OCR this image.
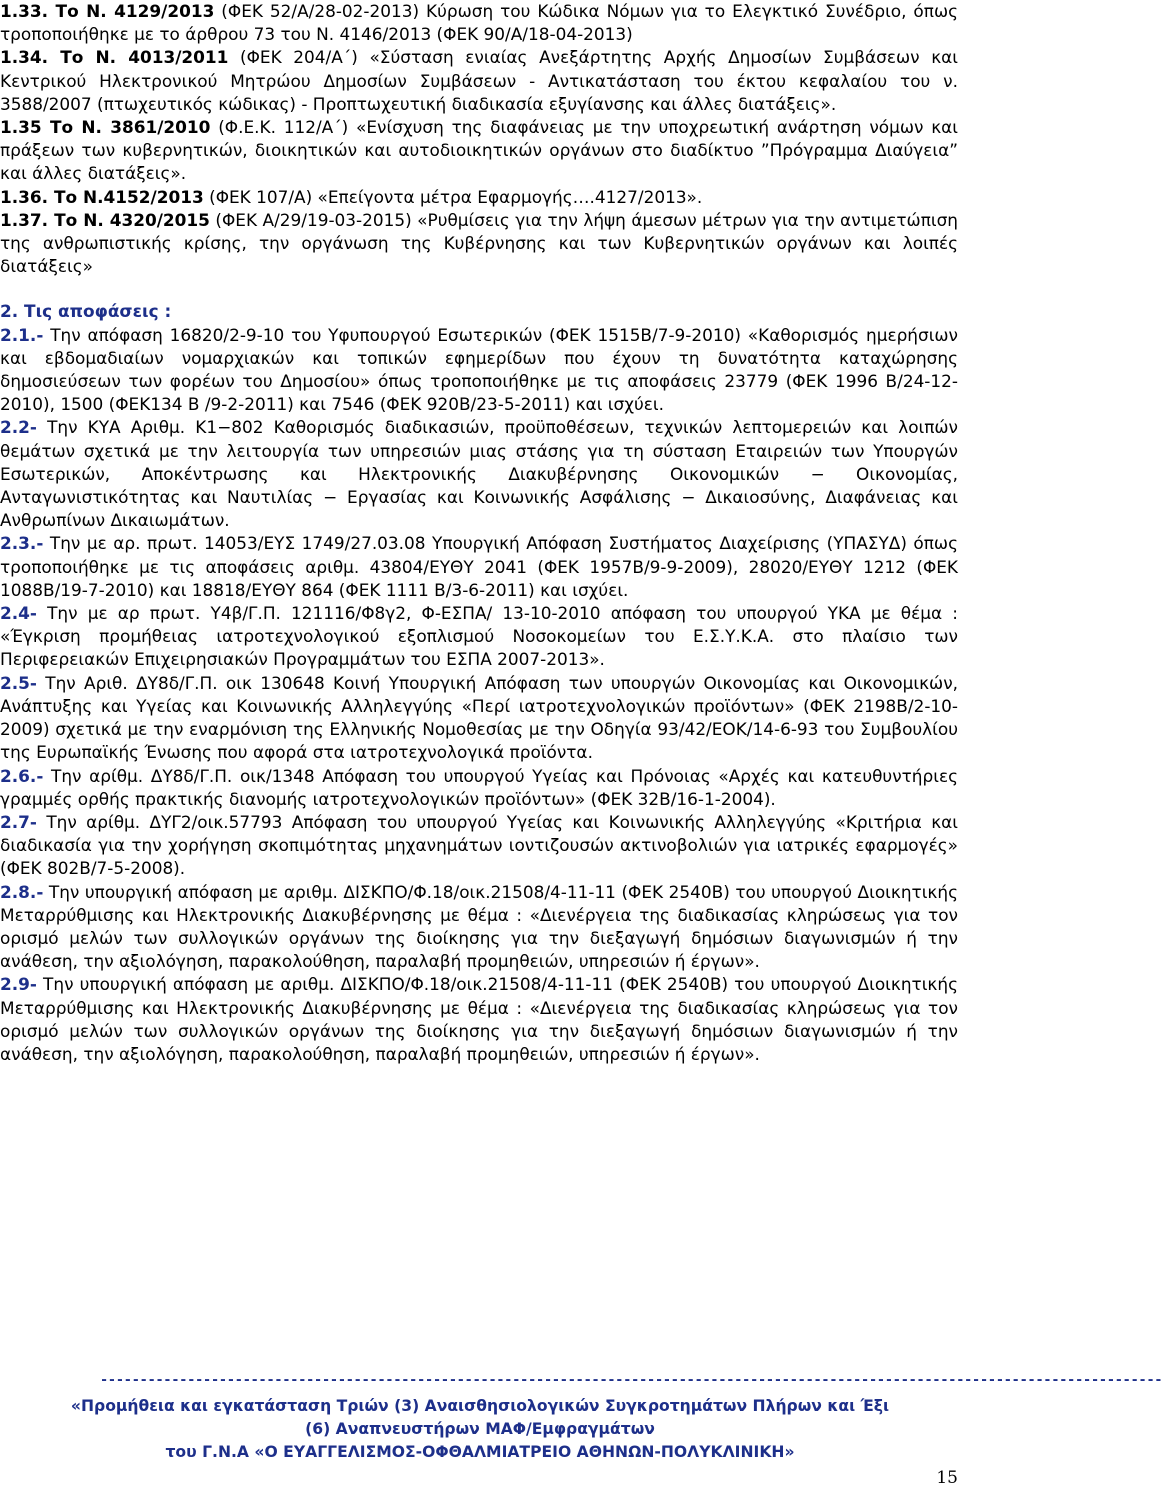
1.33. Το Ν. 4129/2013 (ΦΕΚ 52/Α/28-02-2013) Κύρωση του Κώδικα Νόμων για το Ελεγκτικό Συνέδριο, όπως τροποποιήθηκε με το άρθρου 73 του Ν. 4146/2013 (ΦΕΚ 90/Α/18-04-2013)

1.34. Το Ν. 4013/2011 (ΦΕΚ 204/Α΄) «Σύσταση ενιαίας Ανεξάρτητης Αρχής Δημοσίων Συμβάσεων και Κεντρικού Ηλεκτρονικού Μητρώου Δημοσίων Συμβάσεων - Αντικατάσταση του έκτου κεφαλαίου του ν. 3588/2007 (πτωχευτικός κώδικας) - Προπτωχευτική διαδικασία εξυγίανσης και άλλες διατάξεις».

1.35 Το Ν. 3861/2010 (Φ.Ε.Κ. 112/Α΄) «Ενίσχυση της διαφάνειας με την υποχρεωτική ανάρτηση νόμων και πράξεων των κυβερνητικών, διοικητικών και αυτοδιοικητικών οργάνων στο διαδίκτυο ”Πρόγραμμα Διαύγεια” και άλλες διατάξεις».

1.36. Το Ν.4152/2013 (ΦΕΚ 107/Α) «Επείγοντα μέτρα Εφαρμογής….4127/2013».

1.37. Το Ν. 4320/2015 (ΦΕΚ Α/29/19-03-2015) «Ρυθμίσεις για την λήψη άμεσων μέτρων για την αντιμετώπιση της ανθρωπιστικής κρίσης, την οργάνωση της Κυβέρνησης και των Κυβερνητικών οργάνων και λοιπές διατάξεις»

2. Τις αποφάσεις :

2.1.- Την απόφαση 16820/2-9-10 του Υφυπουργού Εσωτερικών (ΦΕΚ 1515Β/7-9-2010) «Καθορισμός ημερήσιων και εβδομαδιαίων νομαρχιακών και τοπικών εφημερίδων που έχουν τη δυνατότητα καταχώρησης δημοσιεύσεων των φορέων του Δημοσίου» όπως τροποποιήθηκε με τις αποφάσεις 23779 (ΦΕΚ 1996 Β/24-12-2010), 1500 (ΦΕΚ134 Β /9-2-2011) και 7546 (ΦΕΚ 920Β/23-5-2011) και ισχύει.

2.2- Την ΚΥΑ Αριθμ. Κ1−802 Καθορισμός διαδικασιών, προϋποθέσεων, τεχνικών λεπτομερειών και λοιπών θεμάτων σχετικά με την λειτουργία των υπηρεσιών μιας στάσης για τη σύσταση Εταιρειών των Υπουργών Εσωτερικών, Αποκέντρωσης και Ηλεκτρονικής Διακυβέρνησης Οικονομικών − Οικονομίας, Ανταγωνιστικότητας και Ναυτιλίας − Εργασίας και Κοινωνικής Ασφάλισης − Δικαιοσύνης, Διαφάνειας και Ανθρωπίνων Δικαιωμάτων.

2.3.- Την με αρ. πρωτ. 14053/ΕΥΣ 1749/27.03.08 Υπουργική Απόφαση Συστήματος Διαχείρισης (ΥΠΑΣΥΔ) όπως τροποποιήθηκε με τις αποφάσεις αριθμ. 43804/ΕΥΘΥ 2041 (ΦΕΚ 1957Β/9-9-2009), 28020/ΕΥΘΥ 1212 (ΦΕΚ 1088Β/19-7-2010) και 18818/ΕΥΘΥ 864 (ΦΕΚ 1111 Β/3-6-2011) και ισχύει.

2.4- Την με αρ πρωτ. Υ4β/Γ.Π. 121116/Φ8γ2, Φ-ΕΣΠΑ/ 13-10-2010 απόφαση του υπουργού ΥΚΑ με θέμα : «Έγκριση προμήθειας ιατροτεχνολογικού εξοπλισμού Νοσοκομείων του Ε.Σ.Υ.Κ.Α. στο πλαίσιο των Περιφερειακών Επιχειρησιακών Προγραμμάτων του ΕΣΠΑ 2007-2013».

2.5- Την Αριθ. ΔΥ8δ/Γ.Π. οικ 130648 Κοινή Υπουργική Απόφαση των υπουργών Οικονομίας και Οικονομικών, Ανάπτυξης και Υγείας και Κοινωνικής Αλληλεγγύης «Περί ιατροτεχνολογικών προϊόντων» (ΦΕΚ 2198Β/2-10-2009) σχετικά με την εναρμόνιση της Ελληνικής Νομοθεσίας με την Οδηγία 93/42/ΕΟΚ/14-6-93 του Συμβουλίου της Ευρωπαϊκής Ένωσης που αφορά στα ιατροτεχνολογικά προϊόντα.

2.6.- Την αρίθμ. ΔΥ8δ/Γ.Π. οικ/1348 Απόφαση του υπουργού Υγείας και Πρόνοιας «Αρχές και κατευθυντήριες γραμμές ορθής πρακτικής διανομής ιατροτεχνολογικών προϊόντων» (ΦΕΚ 32Β/16-1-2004).

2.7- Την αρίθμ. ΔΥΓ2/οικ.57793 Απόφαση του υπουργού Υγείας και Κοινωνικής Αλληλεγγύης «Κριτήρια και διαδικασία για την χορήγηση σκοπιμότητας μηχανημάτων ιοντιζουσών ακτινοβολιών για ιατρικές εφαρμογές» (ΦΕΚ 802Β/7-5-2008).

2.8.- Την υπουργική απόφαση με αριθμ. ΔΙΣΚΠΟ/Φ.18/οικ.21508/4-11-11 (ΦΕΚ 2540Β) του υπουργού Διοικητικής Μεταρρύθμισης και Ηλεκτρονικής Διακυβέρνησης με θέμα : «Διενέργεια της διαδικασίας κληρώσεως για τον ορισμό μελών των συλλογικών οργάνων της διοίκησης για την διεξαγωγή δημόσιων διαγωνισμών ή την ανάθεση, την αξιολόγηση, παρακολούθηση, παραλαβή προμηθειών, υπηρεσιών ή έργων».

2.9- Την υπουργική απόφαση με αριθμ. ΔΙΣΚΠΟ/Φ.18/οικ.21508/4-11-11 (ΦΕΚ 2540Β) του υπουργού Διοικητικής Μεταρρύθμισης και Ηλεκτρονικής Διακυβέρνησης με θέμα : «Διενέργεια της διαδικασίας κληρώσεως για τον ορισμό μελών των συλλογικών οργάνων της διοίκησης για την διεξαγωγή δημόσιων διαγωνισμών ή την ανάθεση, την αξιολόγηση, παρακολούθηση, παραλαβή προμηθειών, υπηρεσιών ή έργων».

--------------------------------------------------------------------------------------------------------------------------------------
«Προμήθεια και εγκατάσταση Τριών (3) Αναισθησιολογικών Συγκροτημάτων Πλήρων και Έξι
(6) Αναπνευστήρων ΜΑΦ/Εμφραγμάτων
του Γ.Ν.Α «Ο ΕΥΑΓΓΕΛΙΣΜΟΣ-ΟΦΘΑΛΜΙΑΤΡΕΙΟ ΑΘΗΝΩΝ-ΠΟΛΥΚΛΙΝΙΚΗ»
15
